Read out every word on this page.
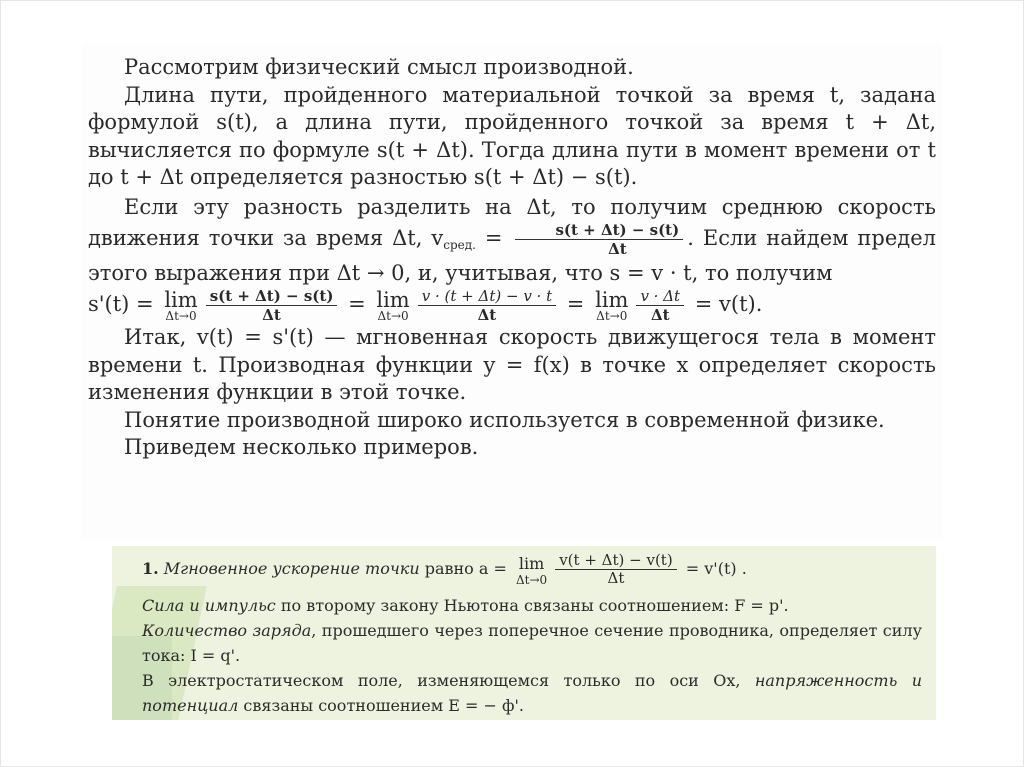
Рассмотрим физический смысл производной.

Длина пути, пройденного материальной точкой за время t, задана формулой s(t), а длина пути, пройденного точкой за время t + Δt, вычисляется по формуле s(t + Δt). Тогда длина пути в момент времени от t до t + Δt определяется разностью s(t + Δt) − s(t).

Если эту разность разделить на Δt, то получим среднюю скорость движения точки за время Δt, vсред. = $\frac{s(t + \Delta t) - s(t)}{\Delta t}$ . Если найдем предел этого выражения при Δt → 0, и, учитывая, что s = v · t, то получим

s'(t) = lim
$\Delta t\to 0 \frac{s(t + \Delta t) - s(t)}{\Delta t} = \lim$
$\Delta t\to 0 \frac{v \cdot (t + \Delta t) - v \cdot t}{\Delta t} = \lim$
$\Delta t\to 0 \frac{v \cdot \Delta t}{\Delta t} = v(t)$.

Итак, v(t) = s'(t) — мгновенная скорость движущегося тела в момент времени t. Производная функции y = f(x) в точке x определяет скорость изменения функции в этой точке.

Понятие производной широко используется в современной физике.

Приведем несколько примеров.

1. Мгновенное ускорение точки равно a = lim
$\Delta t\to 0 \frac{v(t + \Delta t) - v(t)}{\Delta t} = v'(t)$ .

Сила и импульс по второму закону Ньютона связаны соотношением: F = p'.

Количество заряда, прошедшего через поперечное сечение проводника, определяет силу тока: I = q'.

В электростатическом поле, изменяющемся только по оси Ox, напряженность и потенциал связаны соотношением E = − ф'.
